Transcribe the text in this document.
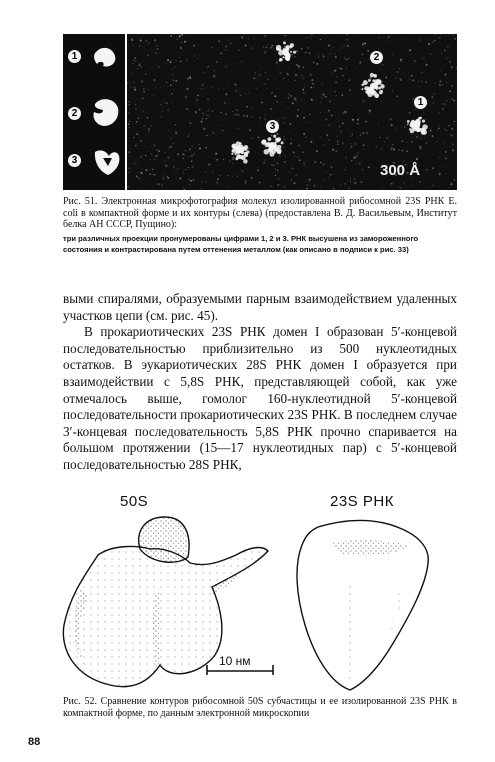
1
2
3
2
3
1
300 Å
Рис. 51. Электронная микрофотография молекул изолированной рибосомной 23S РНК E. coli в компактной форме и их контуры (слева) (предоставлена В. Д. Васильевым, Институт белка АН СССР, Пущино):
три различных проекции пронумерованы цифрами 1, 2 и 3. РНК высушена из замороженного состояния и контрастирована путем оттенения металлом (как описано в подписи к рис. 33)

выми спиралями, образуемыми парным взаимодействием удаленных участков цепи (см. рис. 45).

В прокариотических 23S РНК домен I образован 5′-концевой последовательностью приблизительно из 500 нуклеотидных остатков. В эукариотических 28S РНК домен I образуется при взаимодействии с 5,8S РНК, представляющей собой, как уже отмечалось выше, гомолог 160-нуклеотидной 5′-концевой последовательности прокариотических 23S РНК. В последнем случае 3′-концевая последовательность 5,8S РНК прочно спаривается на большом протяжении (15—17 нуклеотидных пар) с 5′-концевой последовательностью 28S РНК,

50S	23S РНК
10 нм
Рис. 52. Сравнение контуров рибосомной 50S субчастицы и ее изолированной 23S РНК в компактной форме, по данным электронной микроскопии
88
